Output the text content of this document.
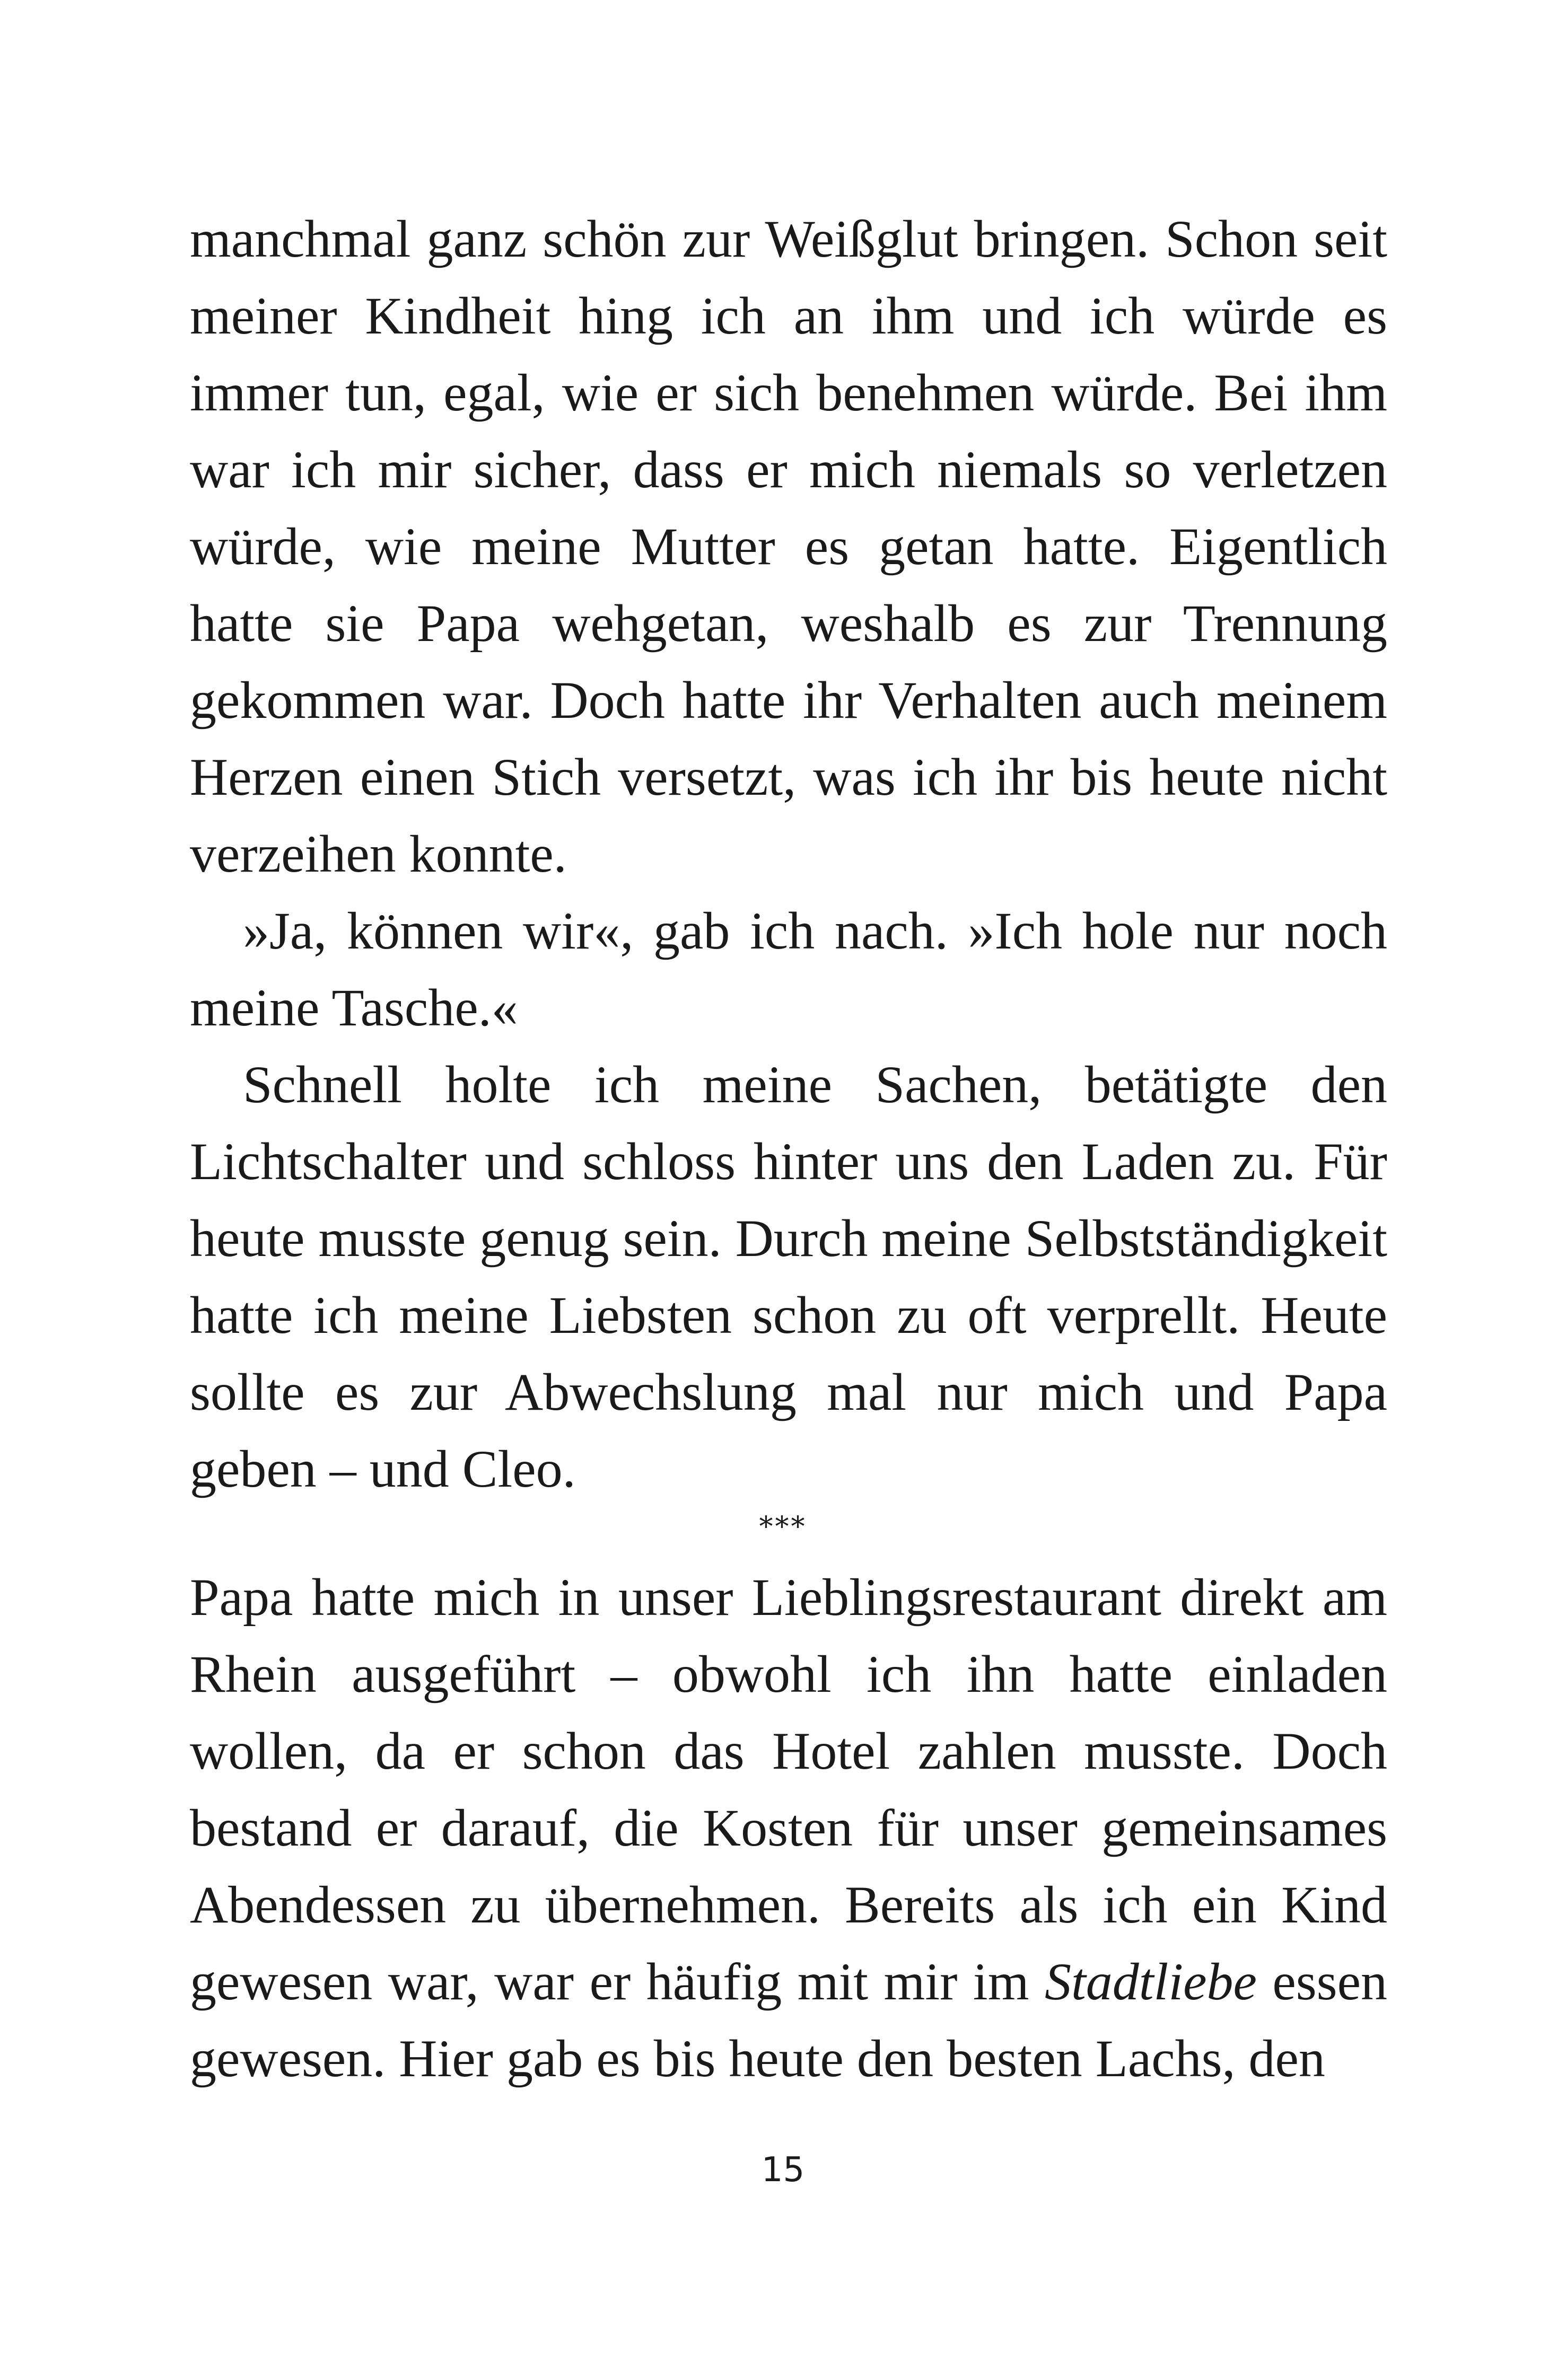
manchmal ganz schön zur Weißglut bringen. Schon seit meiner Kindheit hing ich an ihm und ich würde es immer tun, egal, wie er sich benehmen würde. Bei ihm war ich mir sicher, dass er mich niemals so verletzen würde, wie meine Mutter es getan hatte. Eigentlich hatte sie Papa wehgetan, weshalb es zur Trennung gekommen war. Doch hatte ihr Verhalten auch meinem Herzen einen Stich versetzt, was ich ihr bis heute nicht verzeihen konnte.

»Ja, können wir«, gab ich nach. »Ich hole nur noch meine Tasche.«

Schnell holte ich meine Sachen, betätigte den Lichtschalter und schloss hinter uns den Laden zu. Für heute musste genug sein. Durch meine Selbstständigkeit hatte ich meine Liebsten schon zu oft verprellt. Heute sollte es zur Abwechslung mal nur mich und Papa geben – und Cleo.

***

Papa hatte mich in unser Lieblingsrestaurant direkt am Rhein ausgeführt – obwohl ich ihn hatte einladen wollen, da er schon das Hotel zahlen musste. Doch bestand er darauf, die Kosten für unser gemeinsames Abendessen zu übernehmen. Bereits als ich ein Kind gewesen war, war er häufig mit mir im Stadtliebe essen gewesen. Hier gab es bis heute den besten Lachs, den

15
